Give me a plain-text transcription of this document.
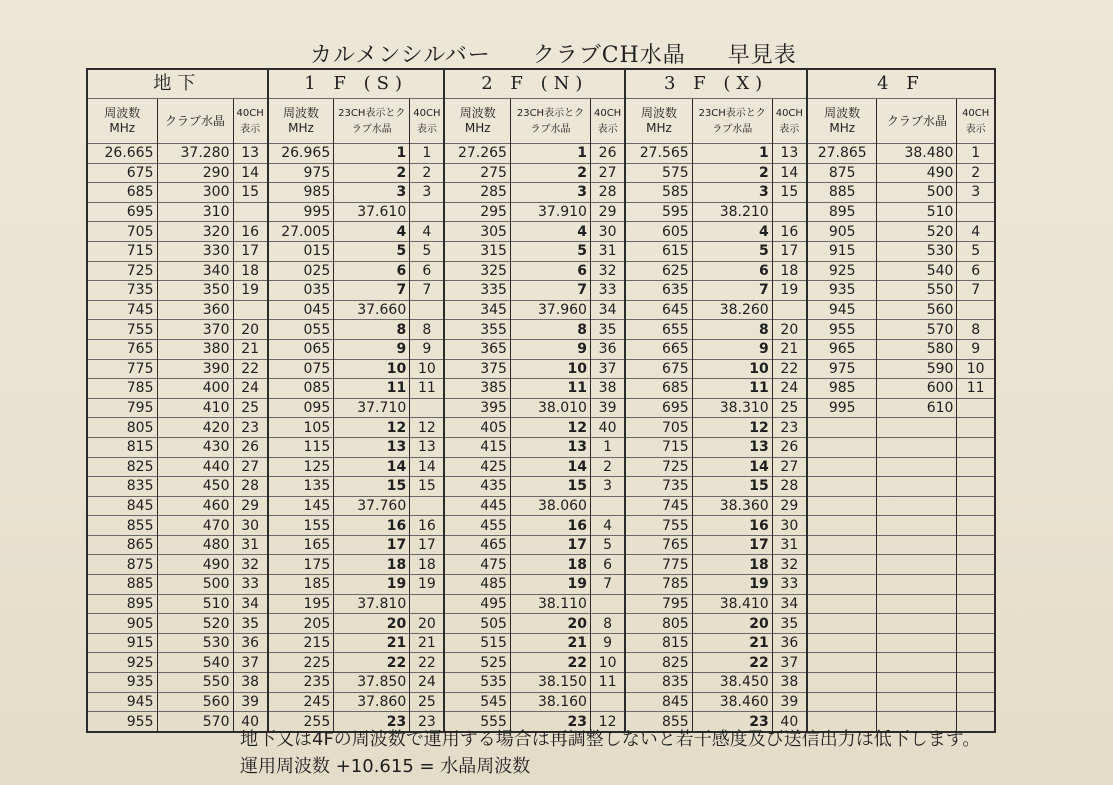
カルメンシルバー クラブCH水晶 早見表
地下			1 F (S)			2 F (N)			3 F (X)			4 F		
周波数 MHz	クラブ水晶	40CH表示	周波数 MHz	23CH表示とクラブ水晶	40CH表示	周波数 MHz	23CH表示とクラブ水晶	40CH表示	周波数 MHz	23CH表示とクラブ水晶	40CH表示	周波数 MHz	クラブ水晶	40CH表示
26.665	37.280	13	26.965	1	1	27.265	1	26	27.565	1	13	27.865	38.480	1
675	290	14	975	2	2	275	2	27	575	2	14	875	490	2
685	300	15	985	3	3	285	3	28	585	3	15	885	500	3
695	310		995	37.610		295	37.910	29	595	38.210		895	510	
705	320	16	27.005	4	4	305	4	30	605	4	16	905	520	4
715	330	17	015	5	5	315	5	31	615	5	17	915	530	5
725	340	18	025	6	6	325	6	32	625	6	18	925	540	6
735	350	19	035	7	7	335	7	33	635	7	19	935	550	7
745	360		045	37.660		345	37.960	34	645	38.260		945	560	
755	370	20	055	8	8	355	8	35	655	8	20	955	570	8
765	380	21	065	9	9	365	9	36	665	9	21	965	580	9
775	390	22	075	10	10	375	10	37	675	10	22	975	590	10
785	400	24	085	11	11	385	11	38	685	11	24	985	600	11
795	410	25	095	37.710		395	38.010	39	695	38.310	25	995	610	
805	420	23	105	12	12	405	12	40	705	12	23			
815	430	26	115	13	13	415	13	1	715	13	26			
825	440	27	125	14	14	425	14	2	725	14	27			
835	450	28	135	15	15	435	15	3	735	15	28			
845	460	29	145	37.760		445	38.060		745	38.360	29			
855	470	30	155	16	16	455	16	4	755	16	30			
865	480	31	165	17	17	465	17	5	765	17	31			
875	490	32	175	18	18	475	18	6	775	18	32			
885	500	33	185	19	19	485	19	7	785	19	33			
895	510	34	195	37.810		495	38.110		795	38.410	34			
905	520	35	205	20	20	505	20	8	805	20	35			
915	530	36	215	21	21	515	21	9	815	21	36			
925	540	37	225	22	22	525	22	10	825	22	37			
935	550	38	235	37.850	24	535	38.150	11	835	38.450	38			
945	560	39	245	37.860	25	545	38.160		845	38.460	39			
955	570	40	255	23	23	555	23	12	855	23	40			
地下又は4Fの周波数で運用する場合は再調整しないと若干感度及び送信出力は低下します。
運用周波数 +10.615 = 水晶周波数
